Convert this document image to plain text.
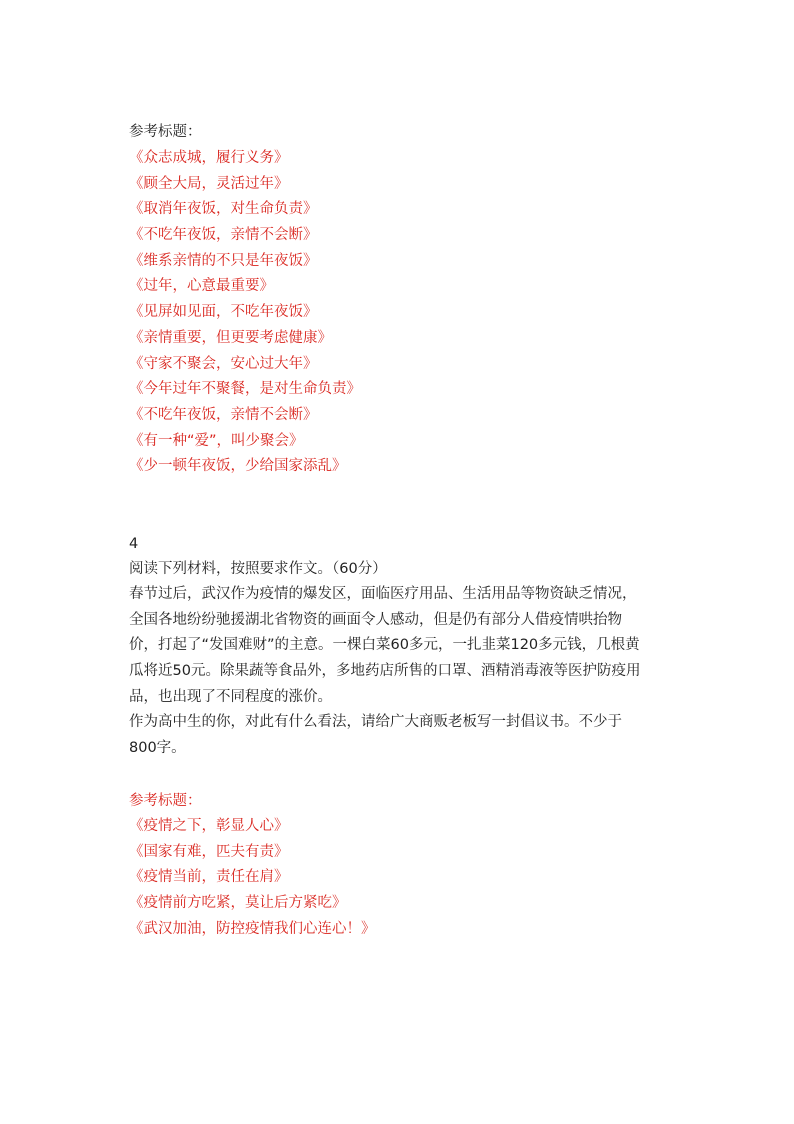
参考标题：
《众志成城，履行义务》
《顾全大局，灵活过年》
《取消年夜饭，对生命负责》
《不吃年夜饭，亲情不会断》
《维系亲情的不只是年夜饭》
《过年，心意最重要》
《见屏如见面，不吃年夜饭》
《亲情重要，但更要考虑健康》
《守家不聚会，安心过大年》
《今年过年不聚餐，是对生命负责》
《不吃年夜饭，亲情不会断》
《有一种“爱”，叫少聚会》
《少一顿年夜饭，少给国家添乱》
4
阅读下列材料，按照要求作文。（60分）
春节过后，武汉作为疫情的爆发区，面临医疗用品、生活用品等物资缺乏情况，
全国各地纷纷驰援湖北省物资的画面令人感动，但是仍有部分人借疫情哄抬物
价，打起了“发国难财”的主意。一棵白菜60多元，一扎韭菜120多元钱，几根黄
瓜将近50元。除果蔬等食品外，多地药店所售的口罩、酒精消毒液等医护防疫用
品，也出现了不同程度的涨价。
作为高中生的你，对此有什么看法，请给广大商贩老板写一封倡议书。不少于
800字。
参考标题：
《疫情之下，彰显人心》
《国家有难，匹夫有责》
《疫情当前，责任在肩》
《疫情前方吃紧，莫让后方紧吃》
《武汉加油，防控疫情我们心连心！》
